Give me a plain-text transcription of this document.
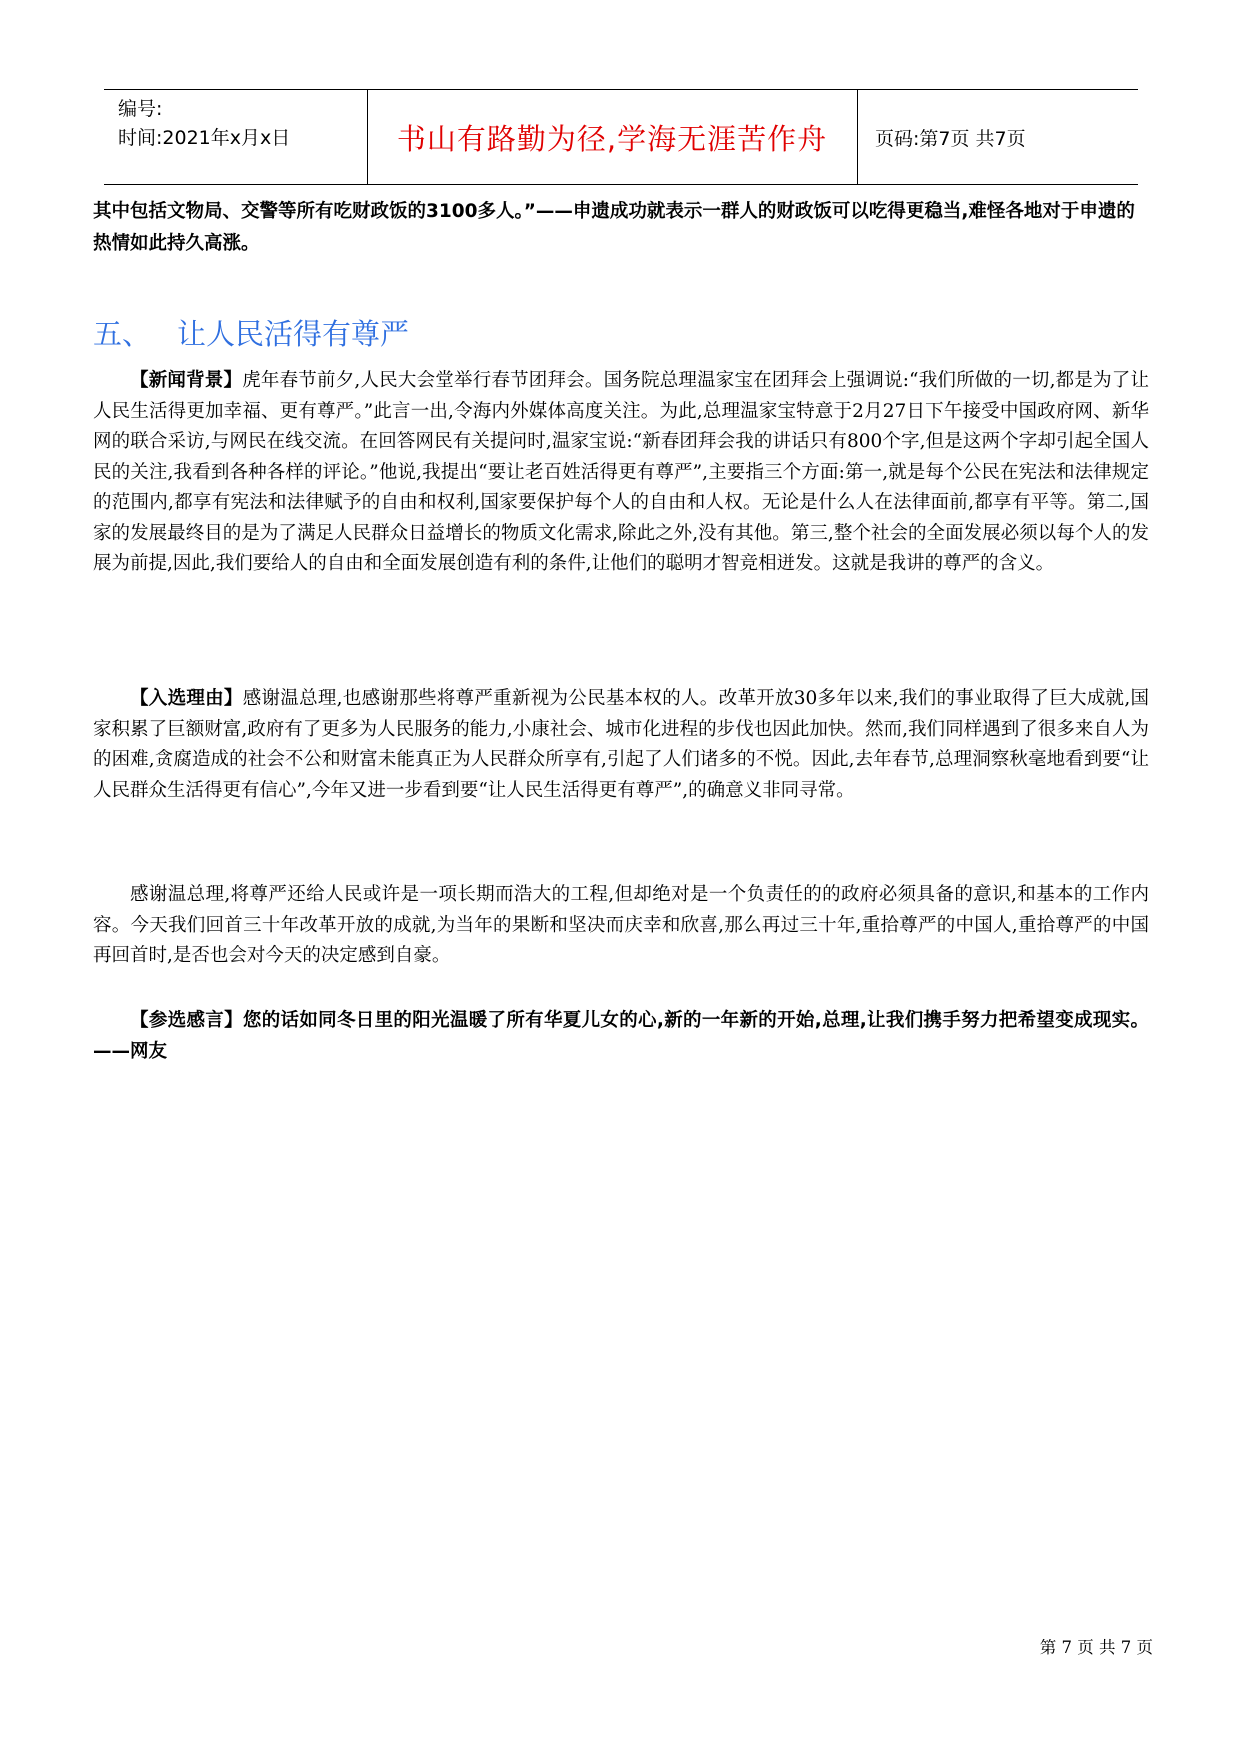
编号:
时间:2021年x月x日	书山有路勤为径,学海无涯苦作舟	页码:第7页 共7页
其中包括文物局、交警等所有吃财政饭的3100多人。”——申遗成功就表示一群人的财政饭可以吃得更稳当,难怪各地对于申遗的热情如此持久高涨。
五、 让人民活得有尊严

【新闻背景】虎年春节前夕,人民大会堂举行春节团拜会。国务院总理温家宝在团拜会上强调说:“我们所做的一切,都是为了让人民生活得更加幸福、更有尊严。”此言一出,令海内外媒体高度关注。为此,总理温家宝特意于2月27日下午接受中国政府网、新华网的联合采访,与网民在线交流。在回答网民有关提问时,温家宝说:“新春团拜会我的讲话只有800个字,但是这两个字却引起全国人民的关注,我看到各种各样的评论。”他说,我提出“要让老百姓活得更有尊严”,主要指三个方面:第一,就是每个公民在宪法和法律规定的范围内,都享有宪法和法律赋予的自由和权利,国家要保护每个人的自由和人权。无论是什么人在法律面前,都享有平等。第二,国家的发展最终目的是为了满足人民群众日益增长的物质文化需求,除此之外,没有其他。第三,整个社会的全面发展必须以每个人的发展为前提,因此,我们要给人的自由和全面发展创造有利的条件,让他们的聪明才智竞相迸发。这就是我讲的尊严的含义。

【入选理由】感谢温总理,也感谢那些将尊严重新视为公民基本权的人。改革开放30多年以来,我们的事业取得了巨大成就,国家积累了巨额财富,政府有了更多为人民服务的能力,小康社会、城市化进程的步伐也因此加快。然而,我们同样遇到了很多来自人为的困难,贪腐造成的社会不公和财富未能真正为人民群众所享有,引起了人们诸多的不悦。因此,去年春节,总理洞察秋毫地看到要“让人民群众生活得更有信心”,今年又进一步看到要“让人民生活得更有尊严”,的确意义非同寻常。

感谢温总理,将尊严还给人民或许是一项长期而浩大的工程,但却绝对是一个负责任的的政府必须具备的意识,和基本的工作内容。今天我们回首三十年改革开放的成就,为当年的果断和坚决而庆幸和欣喜,那么再过三十年,重拾尊严的中国人,重拾尊严的中国再回首时,是否也会对今天的决定感到自豪。

【参选感言】您的话如同冬日里的阳光温暖了所有华夏儿女的心,新的一年新的开始,总理,让我们携手努力把希望变成现实。——网友

第 7 页 共 7 页
